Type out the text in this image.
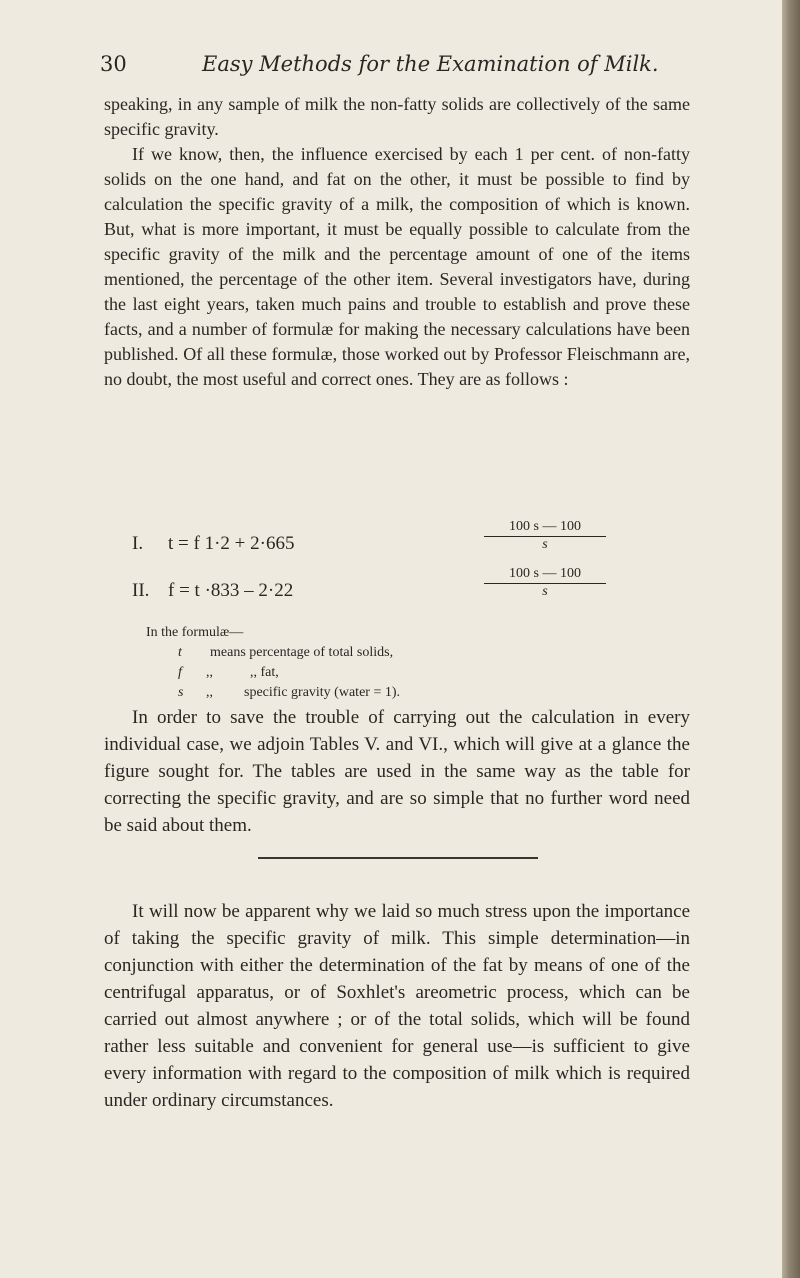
30	Easy Methods for the Examination of Milk.

speaking, in any sample of milk the non-fatty solids are collectively of the same specific gravity.

If we know, then, the influence exercised by each 1 per cent. of non-fatty solids on the one hand, and fat on the other, it must be possible to find by calculation the specific gravity of a milk, the composition of which is known. But, what is more important, it must be equally possible to calculate from the specific gravity of the milk and the percentage amount of one of the items mentioned, the percentage of the other item. Several investigators have, during the last eight years, taken much pains and trouble to establish and prove these facts, and a number of formulæ for making the necessary calculations have been published. Of all these formulæ, those worked out by Professor Fleischmann are, no doubt, the most useful and correct ones. They are as follows :

I. t = f 1·2 + 2·665	$\frac{100 s — 100}{s}$
II. f = t ·833 – 2·22	$\frac{100 s — 100}{s}$
In the formulæ—
t means percentage of total solids,
f ,,	,, fat,
s ,, specific gravity (water = 1).

In order to save the trouble of carrying out the calculation in every individual case, we adjoin Tables V. and VI., which will give at a glance the figure sought for. The tables are used in the same way as the table for correcting the specific gravity, and are so simple that no further word need be said about them.

It will now be apparent why we laid so much stress upon the importance of taking the specific gravity of milk. This simple determination—in conjunction with either the determination of the fat by means of one of the centrifugal apparatus, or of Soxhlet's areometric process, which can be carried out almost anywhere ; or of the total solids, which will be found rather less suitable and convenient for general use—is sufficient to give every information with regard to the composition of milk which is required under ordinary circumstances.
